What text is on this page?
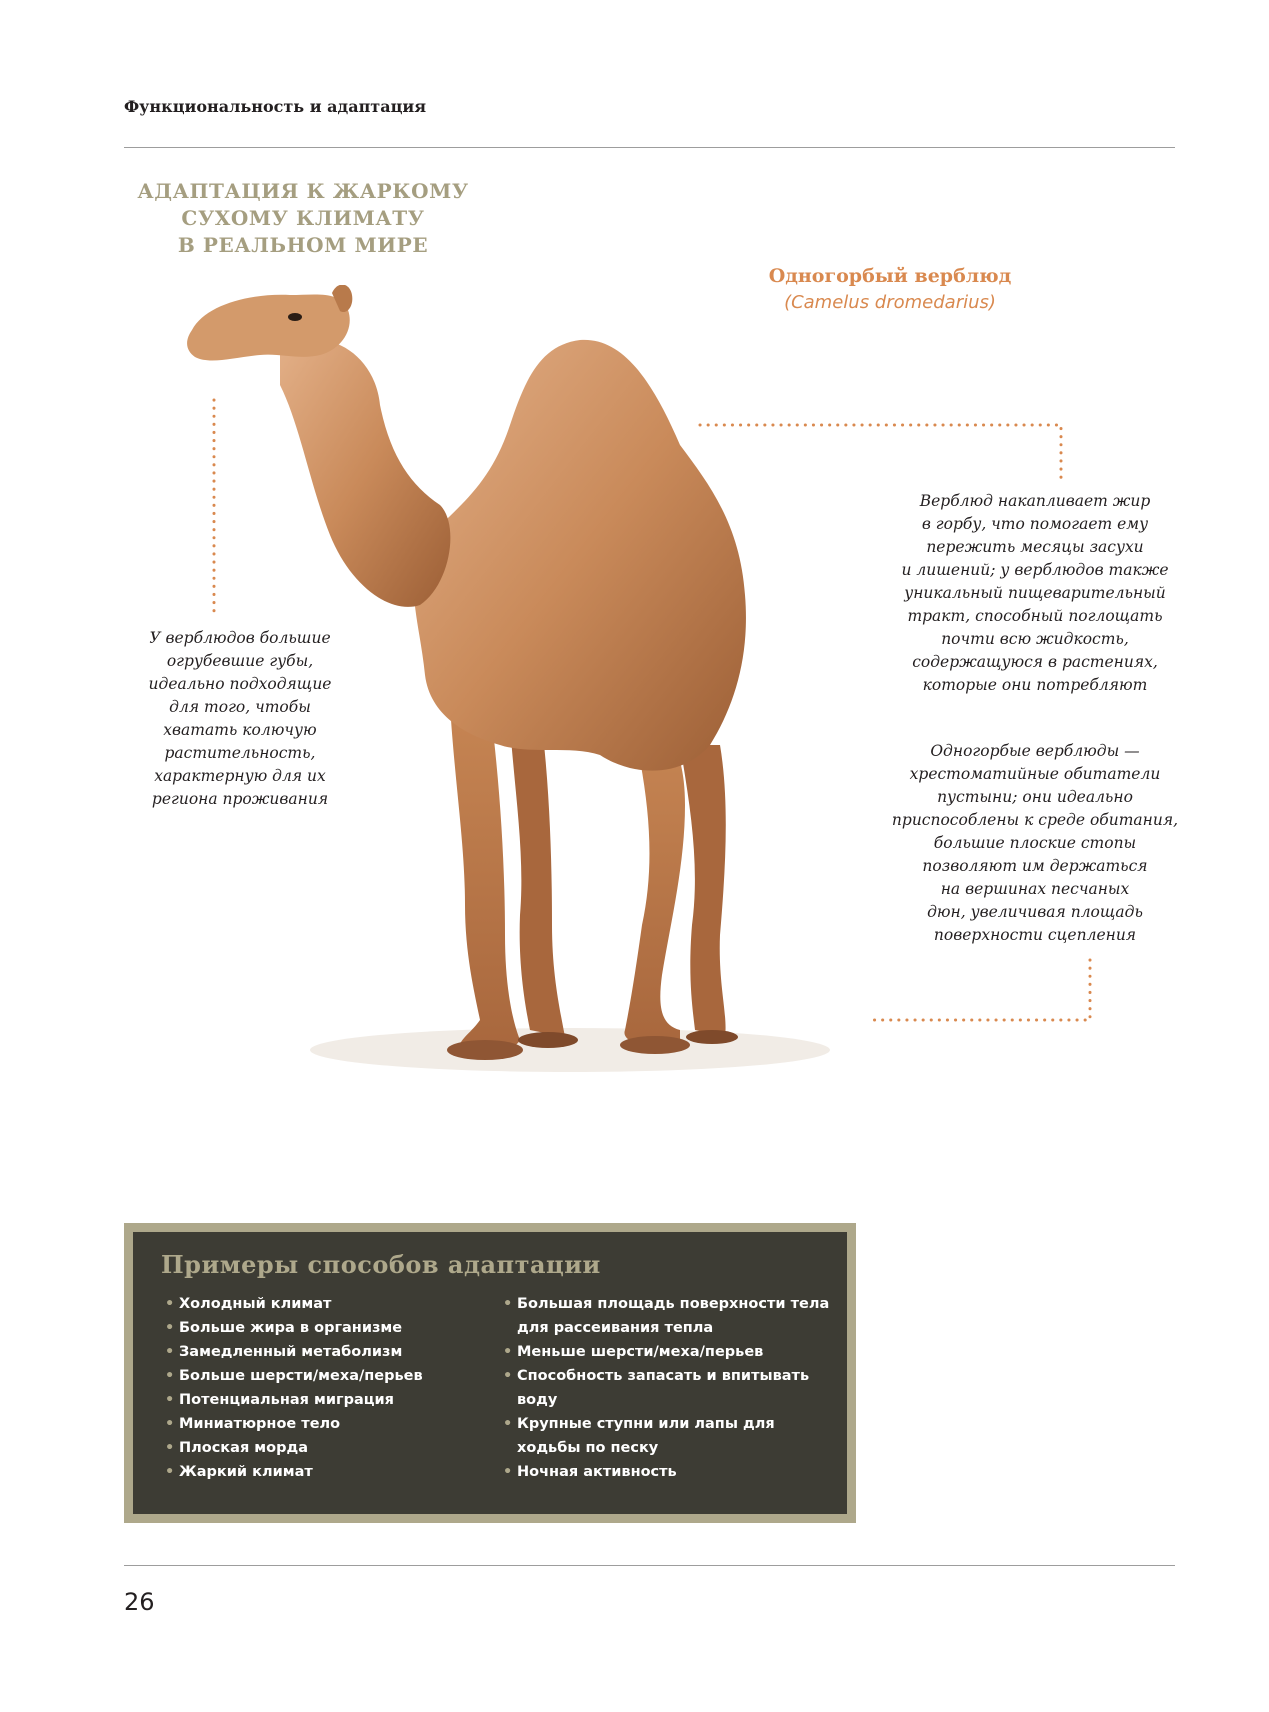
Функциональность и адаптация
АДАПТАЦИЯ К ЖАРКОМУ
СУХОМУ КЛИМАТУ
В РЕАЛЬНОМ МИРЕ
Одногорбый верблюд
(Camelus dromedarius)
У верблюдов большие
огрубевшие губы,
идеально подходящие
для того, чтобы
хватать колючую
растительность,
характерную для их
региона проживания
Верблюд накапливает жир
в горбу, что помогает ему
пережить месяцы засухи
и лишений; у верблюдов также
уникальный пищеварительный
тракт, способный поглощать
почти всю жидкость,
содержащуюся в растениях,
которые они потребляют
Одногорбые верблюды —
хрестоматийные обитатели
пустыни; они идеально
приспособлены к среде обитания,
большие плоские стопы
позволяют им держаться
на вершинах песчаных
дюн, увеличивая площадь
поверхности сцепления
Примеры способов адаптации
• Холодный климат
• Больше жира в организме
• Замедленный метаболизм
• Больше шерсти/меха/перьев
• Потенциальная миграция
• Миниатюрное тело
• Плоская морда
• Жаркий климат
• Большая площадь поверхности тела для рассеивания тепла
• Меньше шерсти/меха/перьев
• Способность запасать и впитывать воду
• Крупные ступни или лапы для ходьбы по песку
• Ночная активность
26
